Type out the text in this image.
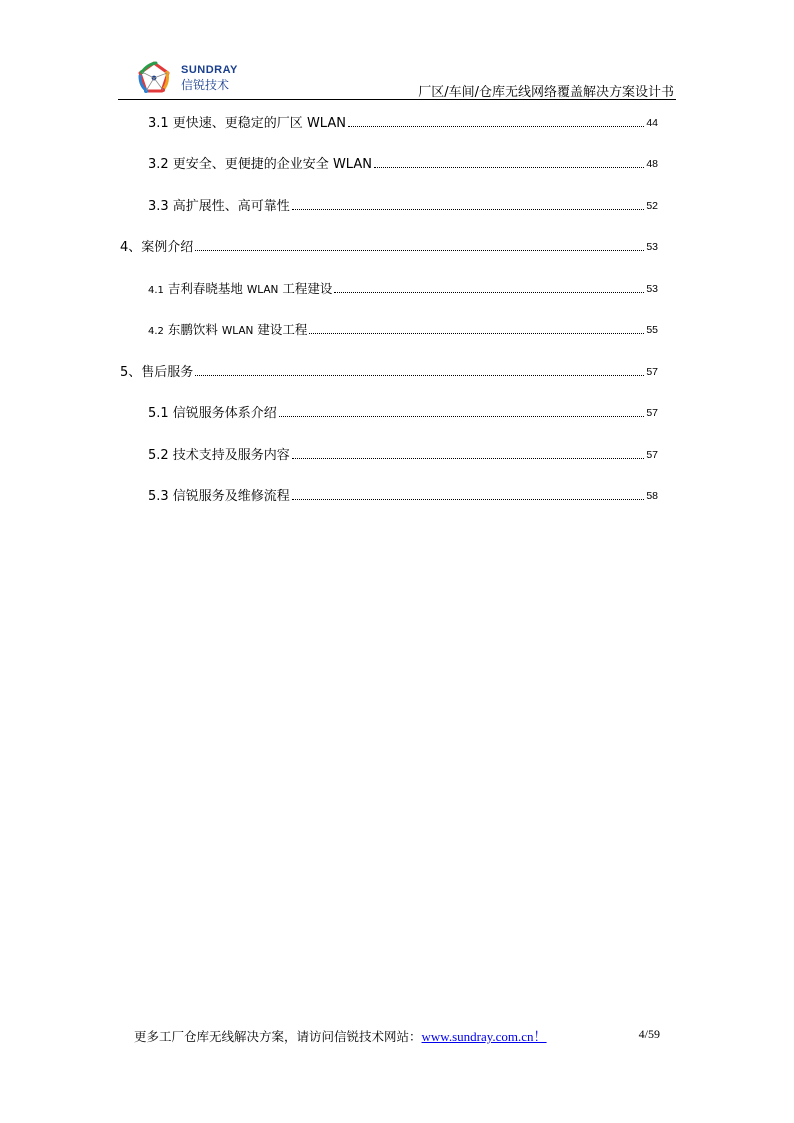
SUNDRAY
信锐技术	厂区/车间/仓库无线网络覆盖解决方案设计书
3.1 更快速、更稳定的厂区 WLAN	44
3.2 更安全、更便捷的企业安全 WLAN	48
3.3 高扩展性、高可靠性	52
4、案例介绍	53
4.1 吉利春晓基地 WLAN 工程建设	53
4.2 东鹏饮料 WLAN 建设工程	55
5、售后服务	57
5.1 信锐服务体系介绍	57
5.2 技术支持及服务内容	57
5.3 信锐服务及维修流程	58
更多工厂仓库无线解决方案，请访问信锐技术网站：www.sundray.com.cn！	4/59
